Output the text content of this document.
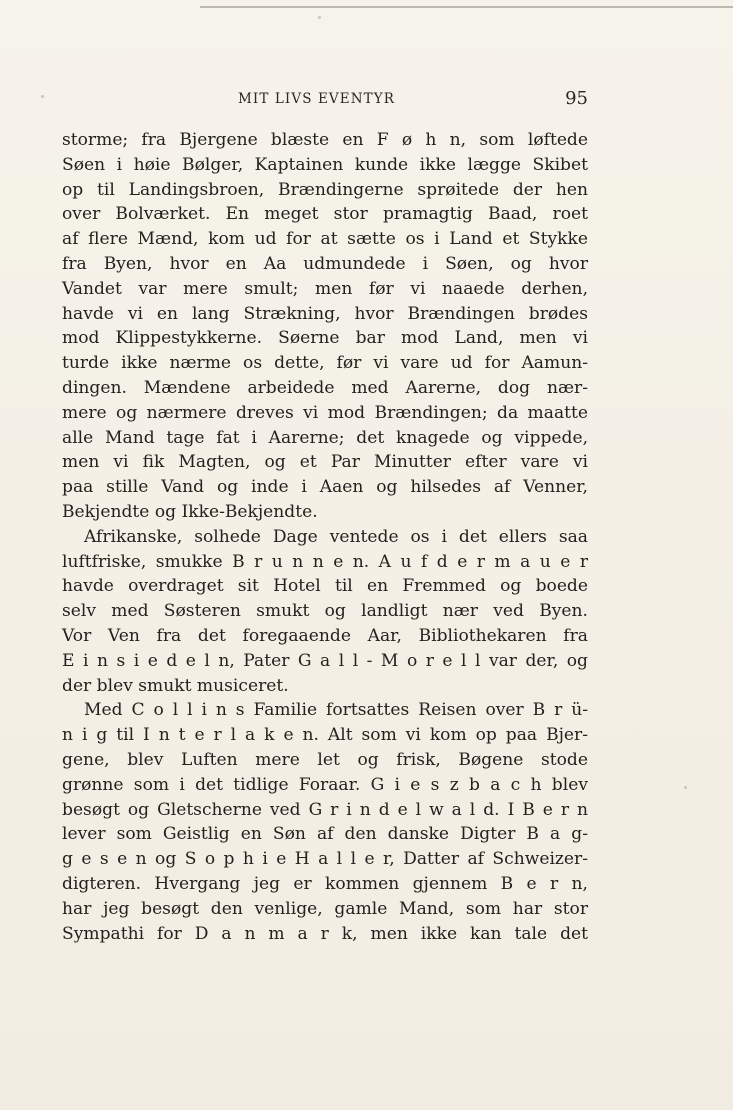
MIT LIVS EVENTYR	95
storme; fra Bjergene blæste en F ø h n, som løftede
Søen i høie Bølger, Kaptainen kunde ikke lægge Skibet
op til Landingsbroen, Brændingerne sprøitede der hen
over Bolværket. En meget stor pramagtig Baad, roet
af flere Mænd, kom ud for at sætte os i Land et Stykke
fra Byen, hvor en Aa udmundede i Søen, og hvor
Vandet var mere smult; men før vi naaede derhen,
havde vi en lang Strækning, hvor Brændingen brødes
mod Klippestykkerne. Søerne bar mod Land, men vi
turde ikke nærme os dette, før vi vare ud for Aamun-
dingen. Mændene arbeidede med Aarerne, dog nær-
mere og nærmere dreves vi mod Brændingen; da maatte
alle Mand tage fat i Aarerne; det knagede og vippede,
men vi fik Magten, og et Par Minutter efter vare vi
paa stille Vand og inde i Aaen og hilsedes af Venner,
Bekjendte og Ikke-Bekjendte.
Afrikanske, solhede Dage ventede os i det ellers saa
luftfriske, smukke B r u n n e n. A u f d e r m a u e r
havde overdraget sit Hotel til en Fremmed og boede
selv med Søsteren smukt og landligt nær ved Byen.
Vor Ven fra det foregaaende Aar, Bibliothekaren fra
E i n s i e d e l n, Pater G a l l - M o r e l l var der, og
der blev smukt musiceret.
Med C o l l i n s Familie fortsattes Reisen over B r ü-
n i g til I n t e r l a k e n. Alt som vi kom op paa Bjer-
gene, blev Luften mere let og frisk, Bøgene stode
grønne som i det tidlige Foraar. G i e s z b a c h blev
besøgt og Gletscherne ved G r i n d e l w a l d. I B e r n
lever som Geistlig en Søn af den danske Digter B a g-
g e s e n og S o p h i e H a l l e r, Datter af Schweizer-
digteren. Hvergang jeg er kommen gjennem B e r n,
har jeg besøgt den venlige, gamle Mand, som har stor
Sympathi for D a n m a r k, men ikke kan tale det
